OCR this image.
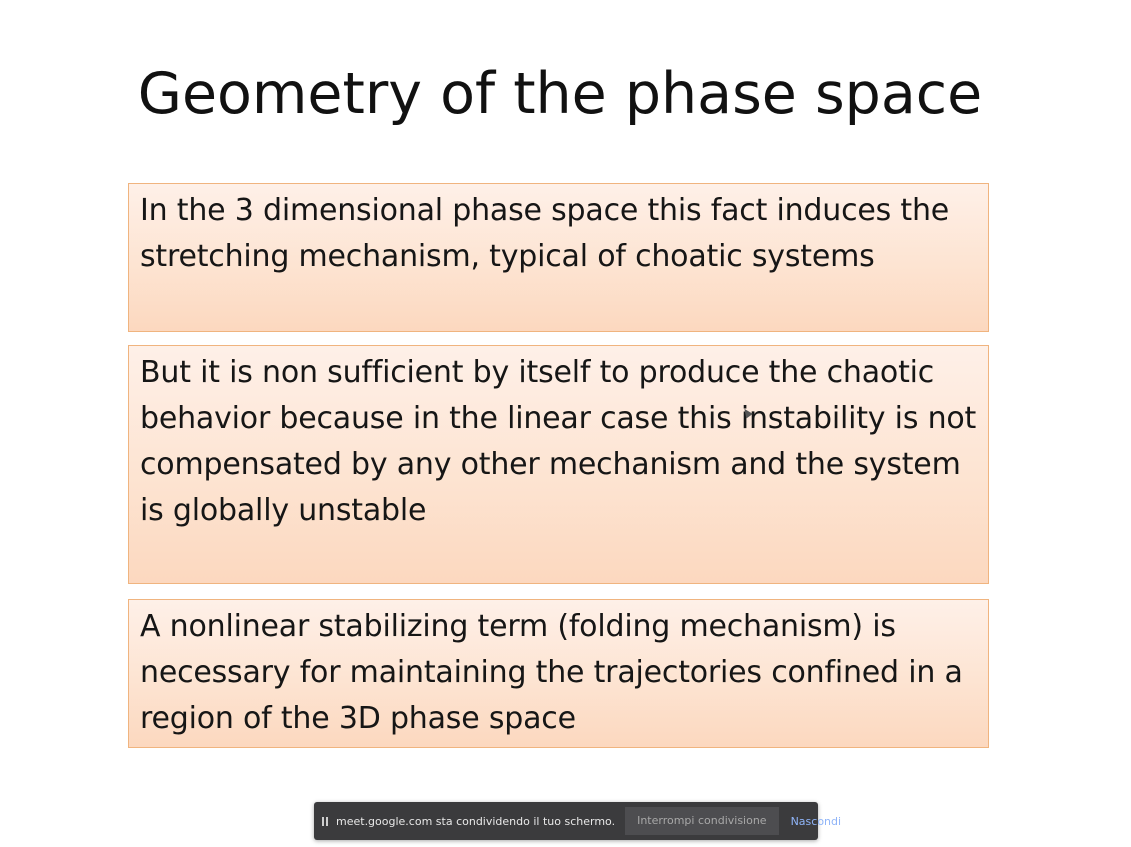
Geometry of the phase space

In the 3 dimensional phase space this fact induces the stretching mechanism, typical of choatic systems

But it is non sufficient by itself to produce the chaotic behavior because in the linear case this instability is not compensated by any other mechanism and the system is globally unstable

A nonlinear stabilizing term (folding mechanism) is necessary for maintaining the trajectories confined in a region of the 3D phase space

meet.google.com sta condividendo il tuo schermo.	Interrompi condivisione	Nascondi
